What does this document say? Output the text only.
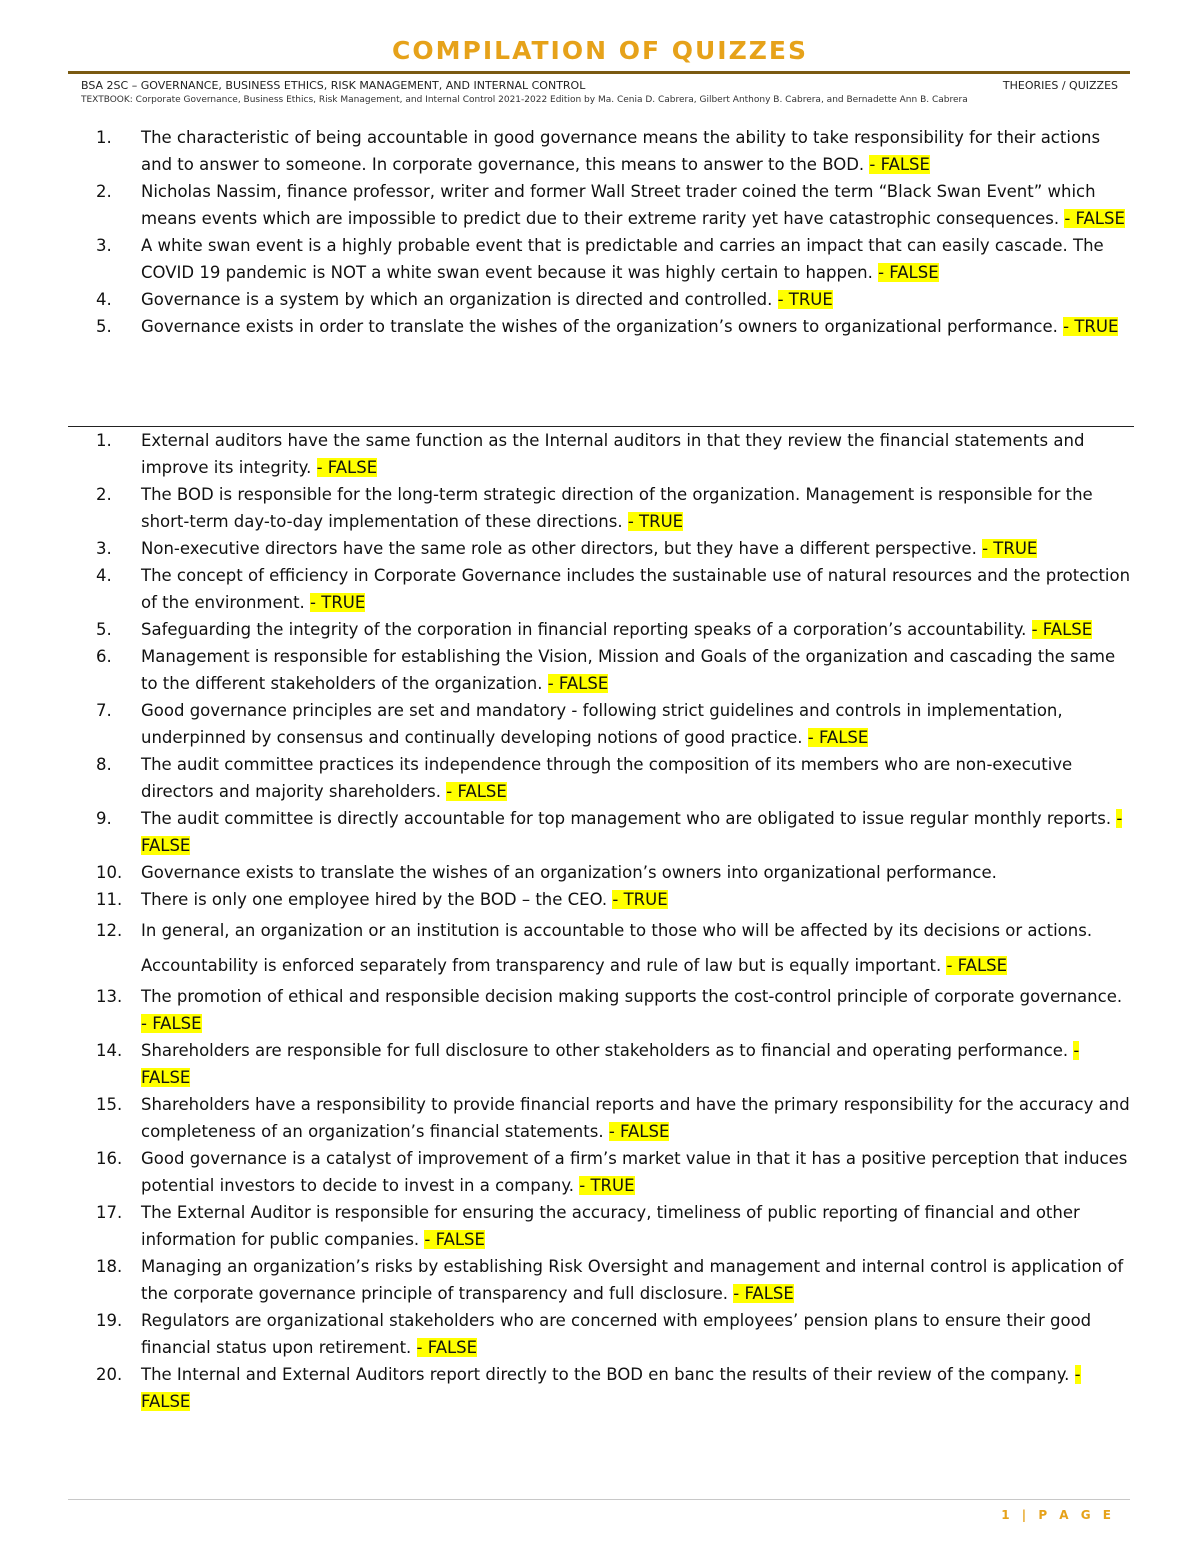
COMPILATION OF QUIZZES
BSA 2SC – GOVERNANCE, BUSINESS ETHICS, RISK MANAGEMENT, AND INTERNAL CONTROL	THEORIES / QUIZZES
TEXTBOOK: Corporate Governance, Business Ethics, Risk Management, and Internal Control 2021-2022 Edition by Ma. Cenia D. Cabrera, Gilbert Anthony B. Cabrera, and Bernadette Ann B. Cabrera
1.	The characteristic of being accountable in good governance means the ability to take responsibility for their actions and to answer to someone. In corporate governance, this means to answer to the BOD. - FALSE
2.	Nicholas Nassim, finance professor, writer and former Wall Street trader coined the term “Black Swan Event” which means events which are impossible to predict due to their extreme rarity yet have catastrophic consequences. - FALSE
3.	A white swan event is a highly probable event that is predictable and carries an impact that can easily cascade. The COVID 19 pandemic is NOT a white swan event because it was highly certain to happen. - FALSE
4.	Governance is a system by which an organization is directed and controlled. - TRUE
5.	Governance exists in order to translate the wishes of the organization’s owners to organizational performance. - TRUE
1.	External auditors have the same function as the Internal auditors in that they review the financial statements and improve its integrity. - FALSE
2.	The BOD is responsible for the long-term strategic direction of the organization. Management is responsible for the short-term day-to-day implementation of these directions. - TRUE
3.	Non-executive directors have the same role as other directors, but they have a different perspective. - TRUE
4.	The concept of efficiency in Corporate Governance includes the sustainable use of natural resources and the protection of the environment. - TRUE
5.	Safeguarding the integrity of the corporation in financial reporting speaks of a corporation’s accountability. - FALSE
6.	Management is responsible for establishing the Vision, Mission and Goals of the organization and cascading the same to the different stakeholders of the organization. - FALSE
7.	Good governance principles are set and mandatory - following strict guidelines and controls in implementation, underpinned by consensus and continually developing notions of good practice. - FALSE
8.	The audit committee practices its independence through the composition of its members who are non-executive directors and majority shareholders. - FALSE
9.	The audit committee is directly accountable for top management who are obligated to issue regular monthly reports. - FALSE
10.	Governance exists to translate the wishes of an organization’s owners into organizational performance.
11.	There is only one employee hired by the BOD – the CEO. - TRUE
12.	In general, an organization or an institution is accountable to those who will be affected by its decisions or actions. Accountability is enforced separately from transparency and rule of law but is equally important. - FALSE
13.	The promotion of ethical and responsible decision making supports the cost-control principle of corporate governance. - FALSE
14.	Shareholders are responsible for full disclosure to other stakeholders as to financial and operating performance. - FALSE
15.	Shareholders have a responsibility to provide financial reports and have the primary responsibility for the accuracy and completeness of an organization’s financial statements. - FALSE
16.	Good governance is a catalyst of improvement of a firm’s market value in that it has a positive perception that induces potential investors to decide to invest in a company. - TRUE
17.	The External Auditor is responsible for ensuring the accuracy, timeliness of public reporting of financial and other information for public companies. - FALSE
18.	Managing an organization’s risks by establishing Risk Oversight and management and internal control is application of the corporate governance principle of transparency and full disclosure. - FALSE
19.	Regulators are organizational stakeholders who are concerned with employees’ pension plans to ensure their good financial status upon retirement. - FALSE
20.	The Internal and External Auditors report directly to the BOD en banc the results of their review of the company. - FALSE
1 | P A G E
